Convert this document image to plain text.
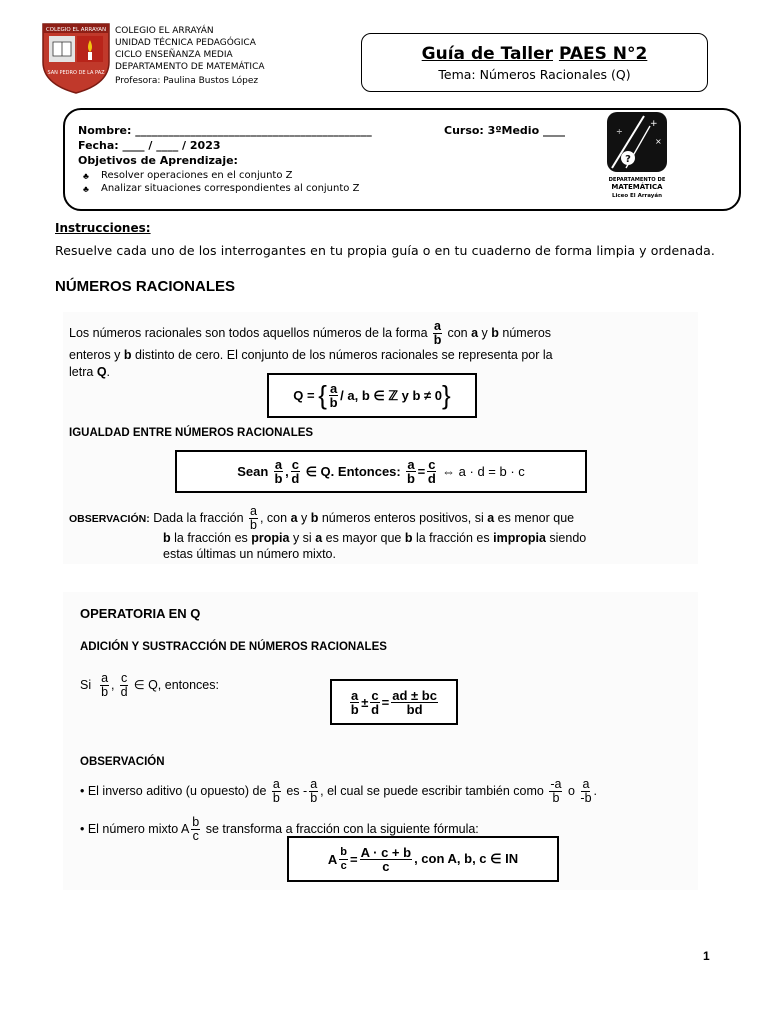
COLEGIO EL ARRAYAN
SAN PEDRO DE LA PAZ
COLEGIO EL ARRAYÁN
UNIDAD TÉCNICA PEDAGÓGICA
CICLO ENSEÑANZA MEDIA
DEPARTAMENTO DE MATEMÁTICA
Profesora: Paulina Bustos López
Guía de Taller PAES N°2
Tema: Números Racionales (Q)
Nombre: ___________________________________________	Curso: 3ºMedio ____
Fecha: ____ / ____ / 2023
Objetivos de Aprendizaje:
♣ Resolver operaciones en el conjunto Z
♣ Analizar situaciones correspondientes al conjunto Z
+
×
÷
?
DEPARTAMENTO DE
MATEMÁTICA
Liceo El Arrayán
Instrucciones:
Resuelve cada uno de los interrogantes en tu propia guía o en tu cuaderno de forma limpia y ordenada.
NÚMEROS RACIONALES
Los números racionales son todos aquellos números de la forma $\frac{a}{b}$ con a y b números
enteros y b distinto de cero. El conjunto de los números racionales se representa por la
letra Q.
Q =
{ $\frac{a}{b}$ / a, b ∈ ℤ y b ≠ 0 }
IGUALDAD ENTRE NÚMEROS RACIONALES
Sean
$\frac{a}{b}$ , $\frac{c}{d}$
∈ Q. Entonces:
$\frac{a}{b} = \frac{c}{d}$
⇔ a · d = b · c
OBSERVACIÓN: Dada la fracción $\frac{a}{b}$ , con a y b números enteros positivos, si a es menor que
b la fracción es propia y si a es mayor que b la fracción es impropia siendo
estas últimas un número mixto.
OPERATORIA EN Q
ADICIÓN Y SUSTRACCIÓN DE NÚMEROS RACIONALES
Si $\frac{a}{b}$ , $\frac{c}{d}$ ∈ Q, entonces:
$\frac{a}{b} \pm \frac{c}{d} = \frac{ad \pm bc}{bd}$
OBSERVACIÓN
• El inverso aditivo (u opuesto) de $\frac{a}{b}$ es - $\frac{a}{b}$ , el cual se puede escribir también como $\frac{-a}{b}$ o $\frac{a}{-b}$ .
• El número mixto A $\frac{b}{c}$ se transforma a fracción con la siguiente fórmula:
A $\frac{b}{c} = \frac{A \cdot c + b}{c}$ , con A, b, c ∈ IN
1
